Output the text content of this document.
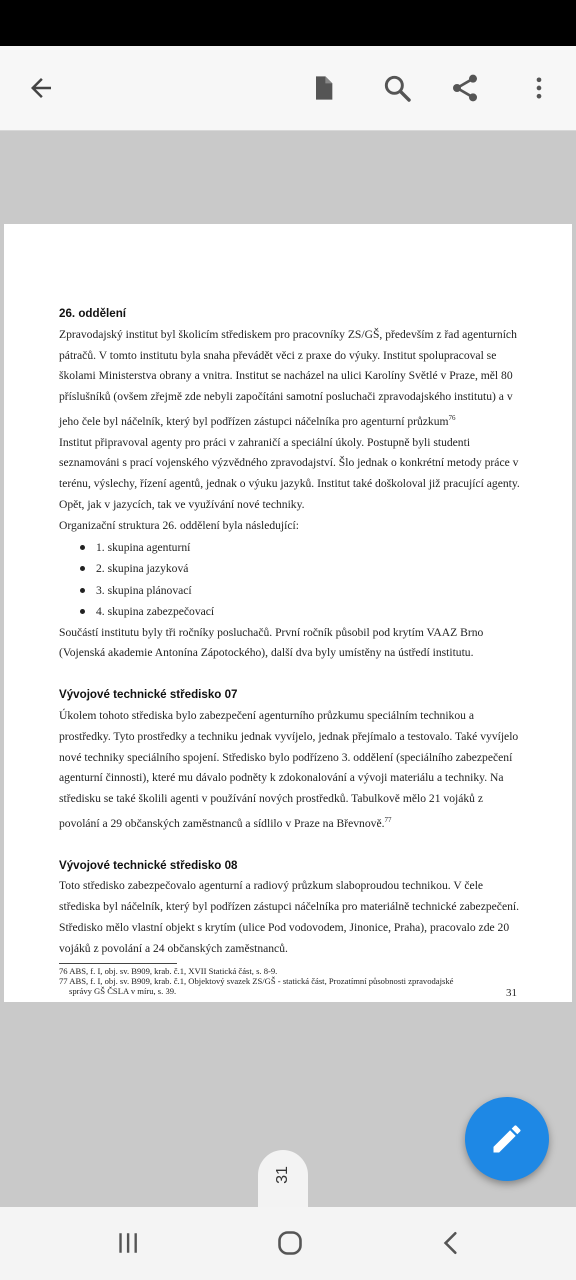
26. oddělení

Zpravodajský institut byl školicím střediskem pro pracovníky ZS/GŠ, především z řad agenturních

pátračů. V tomto institutu byla snaha převádět věci z praxe do výuky. Institut spolupracoval se

školami Ministerstva obrany a vnitra. Institut se nacházel na ulici Karolíny Světlé v Praze, měl 80

příslušníků (ovšem zřejmě zde nebyli započítáni samotní posluchači zpravodajského institutu) a v

jeho čele byl náčelník, který byl podřízen zástupci náčelníka pro agenturní průzkum$^{76}$

Institut připravoval agenty pro práci v zahraničí a speciální úkoly. Postupně byli studenti

seznamováni s prací vojenského výzvědného zpravodajství. Šlo jednak o konkrétní metody práce v

terénu, výslechy, řízení agentů, jednak o výuku jazyků. Institut také doškoloval již pracující agenty.

Opět, jak v jazycích, tak ve využívání nové techniky.

Organizační struktura 26. oddělení byla následující:

1. skupina agenturní
2. skupina jazyková
3. skupina plánovací
4. skupina zabezpečovací

Součástí institutu byly tři ročníky posluchačů. První ročník působil pod krytím VAAZ Brno

(Vojenská akademie Antonína Zápotockého), další dva byly umístěny na ústředí institutu.

Vývojové technické středisko 07

Úkolem tohoto střediska bylo zabezpečení agenturního průzkumu speciálním technikou a

prostředky. Tyto prostředky a techniku jednak vyvíjelo, jednak přejímalo a testovalo. Také vyvíjelo

nové techniky speciálního spojení. Středisko bylo podřízeno 3. oddělení (speciálního zabezpečení

agenturní činnosti), které mu dávalo podněty k zdokonalování a vývoji materiálu a techniky. Na

středisku se také školili agenti v používání nových prostředků. Tabulkově mělo 21 vojáků z

povolání a 29 občanských zaměstnanců a sídlilo v Praze na Břevnově.$^{77}$

Vývojové technické středisko 08

Toto středisko zabezpečovalo agenturní a radiový průzkum slaboproudou technikou. V čele

střediska byl náčelník, který byl podřízen zástupci náčelníka pro materiálně technické zabezpečení.

Středisko mělo vlastní objekt s krytím (ulice Pod vodovodem, Jinonice, Praha), pracovalo zde 20

vojáků z povolání a 24 občanských zaměstnanců.

76 ABS, f. I, obj. sv. B909, krab. č.1, XVII Statická část, s. 8-9.
77 ABS, f. I, obj. sv. B909, krab. č.1, Objektový svazek ZS/GŠ - statická část, Prozatímní působnosti zpravodajské
správy GŠ ČSLA v míru, s. 39.	31
31
